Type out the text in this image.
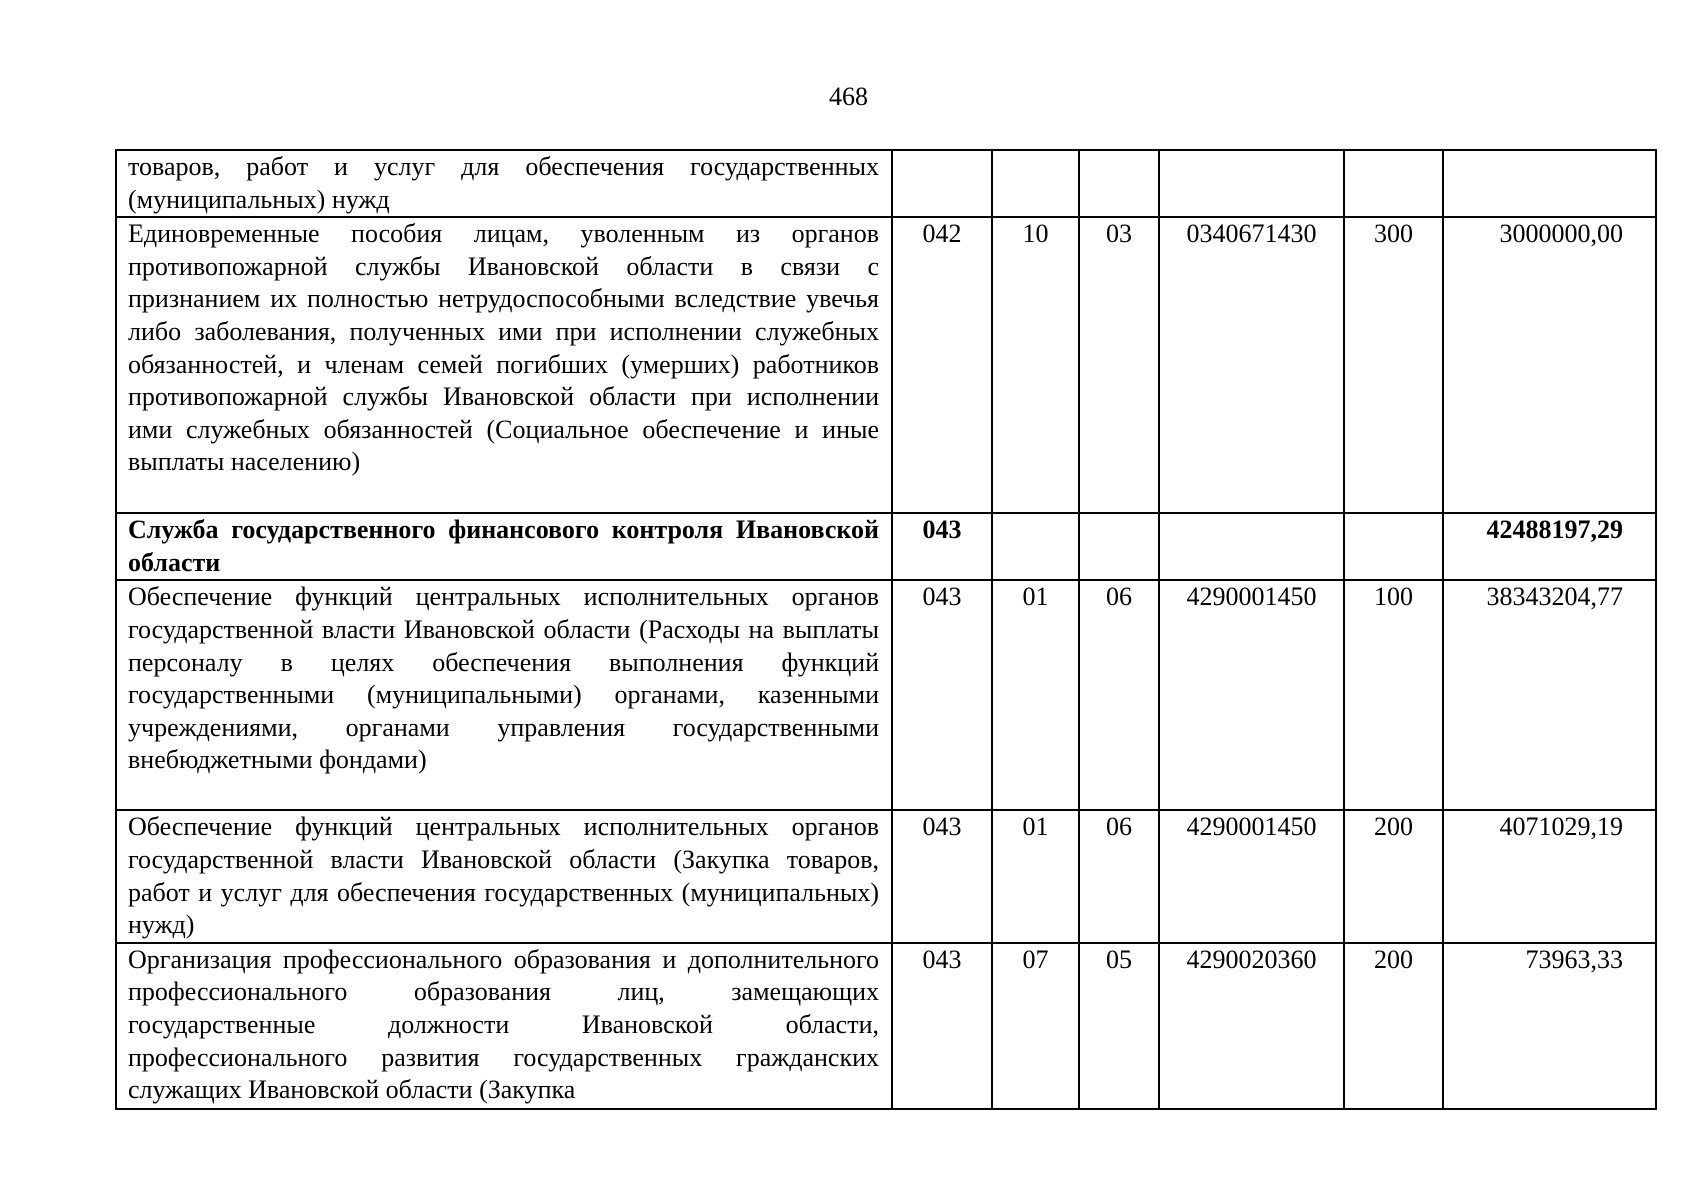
468
товаров, работ и услуг для обеспечения государственных (муниципальных) нужд						
Единовременные пособия лицам, уволенным из органов противопожарной службы Ивановской области в связи с признанием их полностью нетрудоспособными вследствие увечья либо заболевания, полученных ими при исполнении служебных обязанностей, и членам семей погибших (умерших) работников противопожарной службы Ивановской области при исполнении ими служебных обязанностей (Социальное обеспечение и иные выплаты населению)	042	10	03	0340671430	300	3000000,00
Служба государственного финансового контроля Ивановской области	043					42488197,29
Обеспечение функций центральных исполнительных органов государственной власти Ивановской области (Расходы на выплаты персоналу в целях обеспечения выполнения функций государственными (муниципальными) органами, казенными учреждениями, органами управления государственными внебюджетными фондами)	043	01	06	4290001450	100	38343204,77
Обеспечение функций центральных исполнительных органов государственной власти Ивановской области (Закупка товаров, работ и услуг для обеспечения государственных (муниципальных) нужд)	043	01	06	4290001450	200	4071029,19
Организация профессионального образования и дополнительного профессионального образования лиц, замещающих государственные должности Ивановской области, профессионального развития государственных гражданских служащих Ивановской области (Закупка	043	07	05	4290020360	200	73963,33
